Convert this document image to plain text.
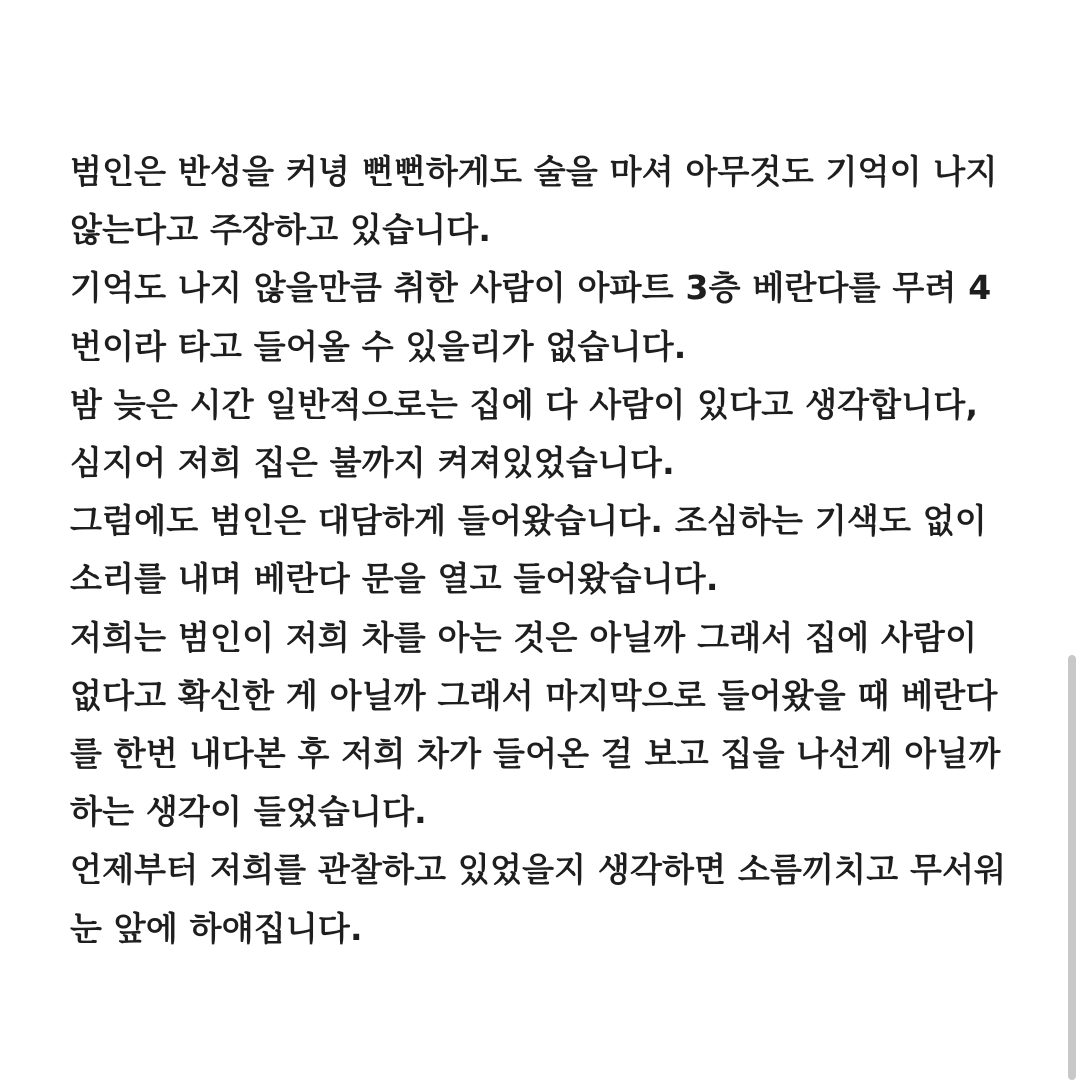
범인은 반성을 커녕 뻔뻔하게도 술을 마셔 아무것도 기억이 나지
않는다고 주장하고 있습니다.
기억도 나지 않을만큼 취한 사람이 아파트 3층 베란다를 무려 4
번이라 타고 들어올 수 있을리가 없습니다.
밤 늦은 시간 일반적으로는 집에 다 사람이 있다고 생각합니다,
심지어 저희 집은 불까지 켜져있었습니다.
그럼에도 범인은 대담하게 들어왔습니다. 조심하는 기색도 없이
소리를 내며 베란다 문을 열고 들어왔습니다.
저희는 범인이 저희 차를 아는 것은 아닐까 그래서 집에 사람이
없다고 확신한 게 아닐까 그래서 마지막으로 들어왔을 때 베란다
를 한번 내다본 후 저희 차가 들어온 걸 보고 집을 나선게 아닐까
하는 생각이 들었습니다.
언제부터 저희를 관찰하고 있었을지 생각하면 소름끼치고 무서워
눈 앞에 하얘집니다.
